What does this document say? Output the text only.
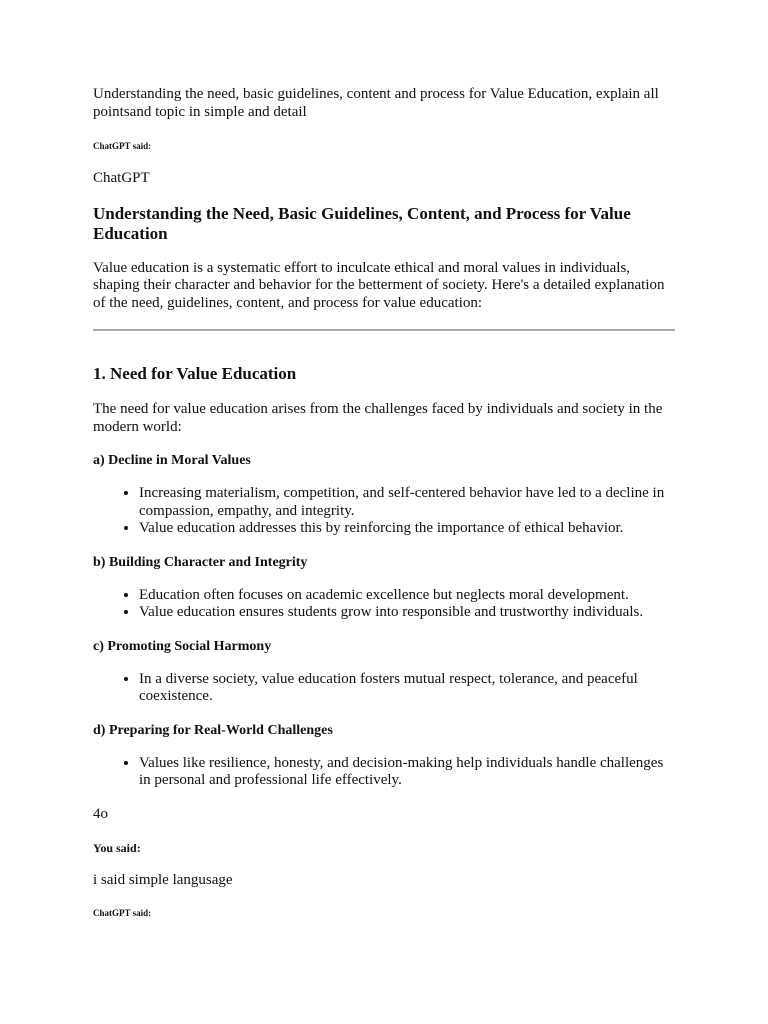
Understanding the need, basic guidelines, content and process for Value Education, explain all pointsand topic in simple and detail

ChatGPT said:

ChatGPT

Understanding the Need, Basic Guidelines, Content, and Process for Value Education

Value education is a systematic effort to inculcate ethical and moral values in individuals, shaping their character and behavior for the betterment of society. Here's a detailed explanation of the need, guidelines, content, and process for value education:

1. Need for Value Education

The need for value education arises from the challenges faced by individuals and society in the modern world:

a) Decline in Moral Values
• Increasing materialism, competition, and self-centered behavior have led to a decline in compassion, empathy, and integrity.
• Value education addresses this by reinforcing the importance of ethical behavior.
b) Building Character and Integrity
• Education often focuses on academic excellence but neglects moral development.
• Value education ensures students grow into responsible and trustworthy individuals.
c) Promoting Social Harmony
• In a diverse society, value education fosters mutual respect, tolerance, and peaceful coexistence.
d) Preparing for Real-World Challenges
• Values like resilience, honesty, and decision-making help individuals handle challenges in personal and professional life effectively.

4o

You said:

i said simple langusage

ChatGPT said:
